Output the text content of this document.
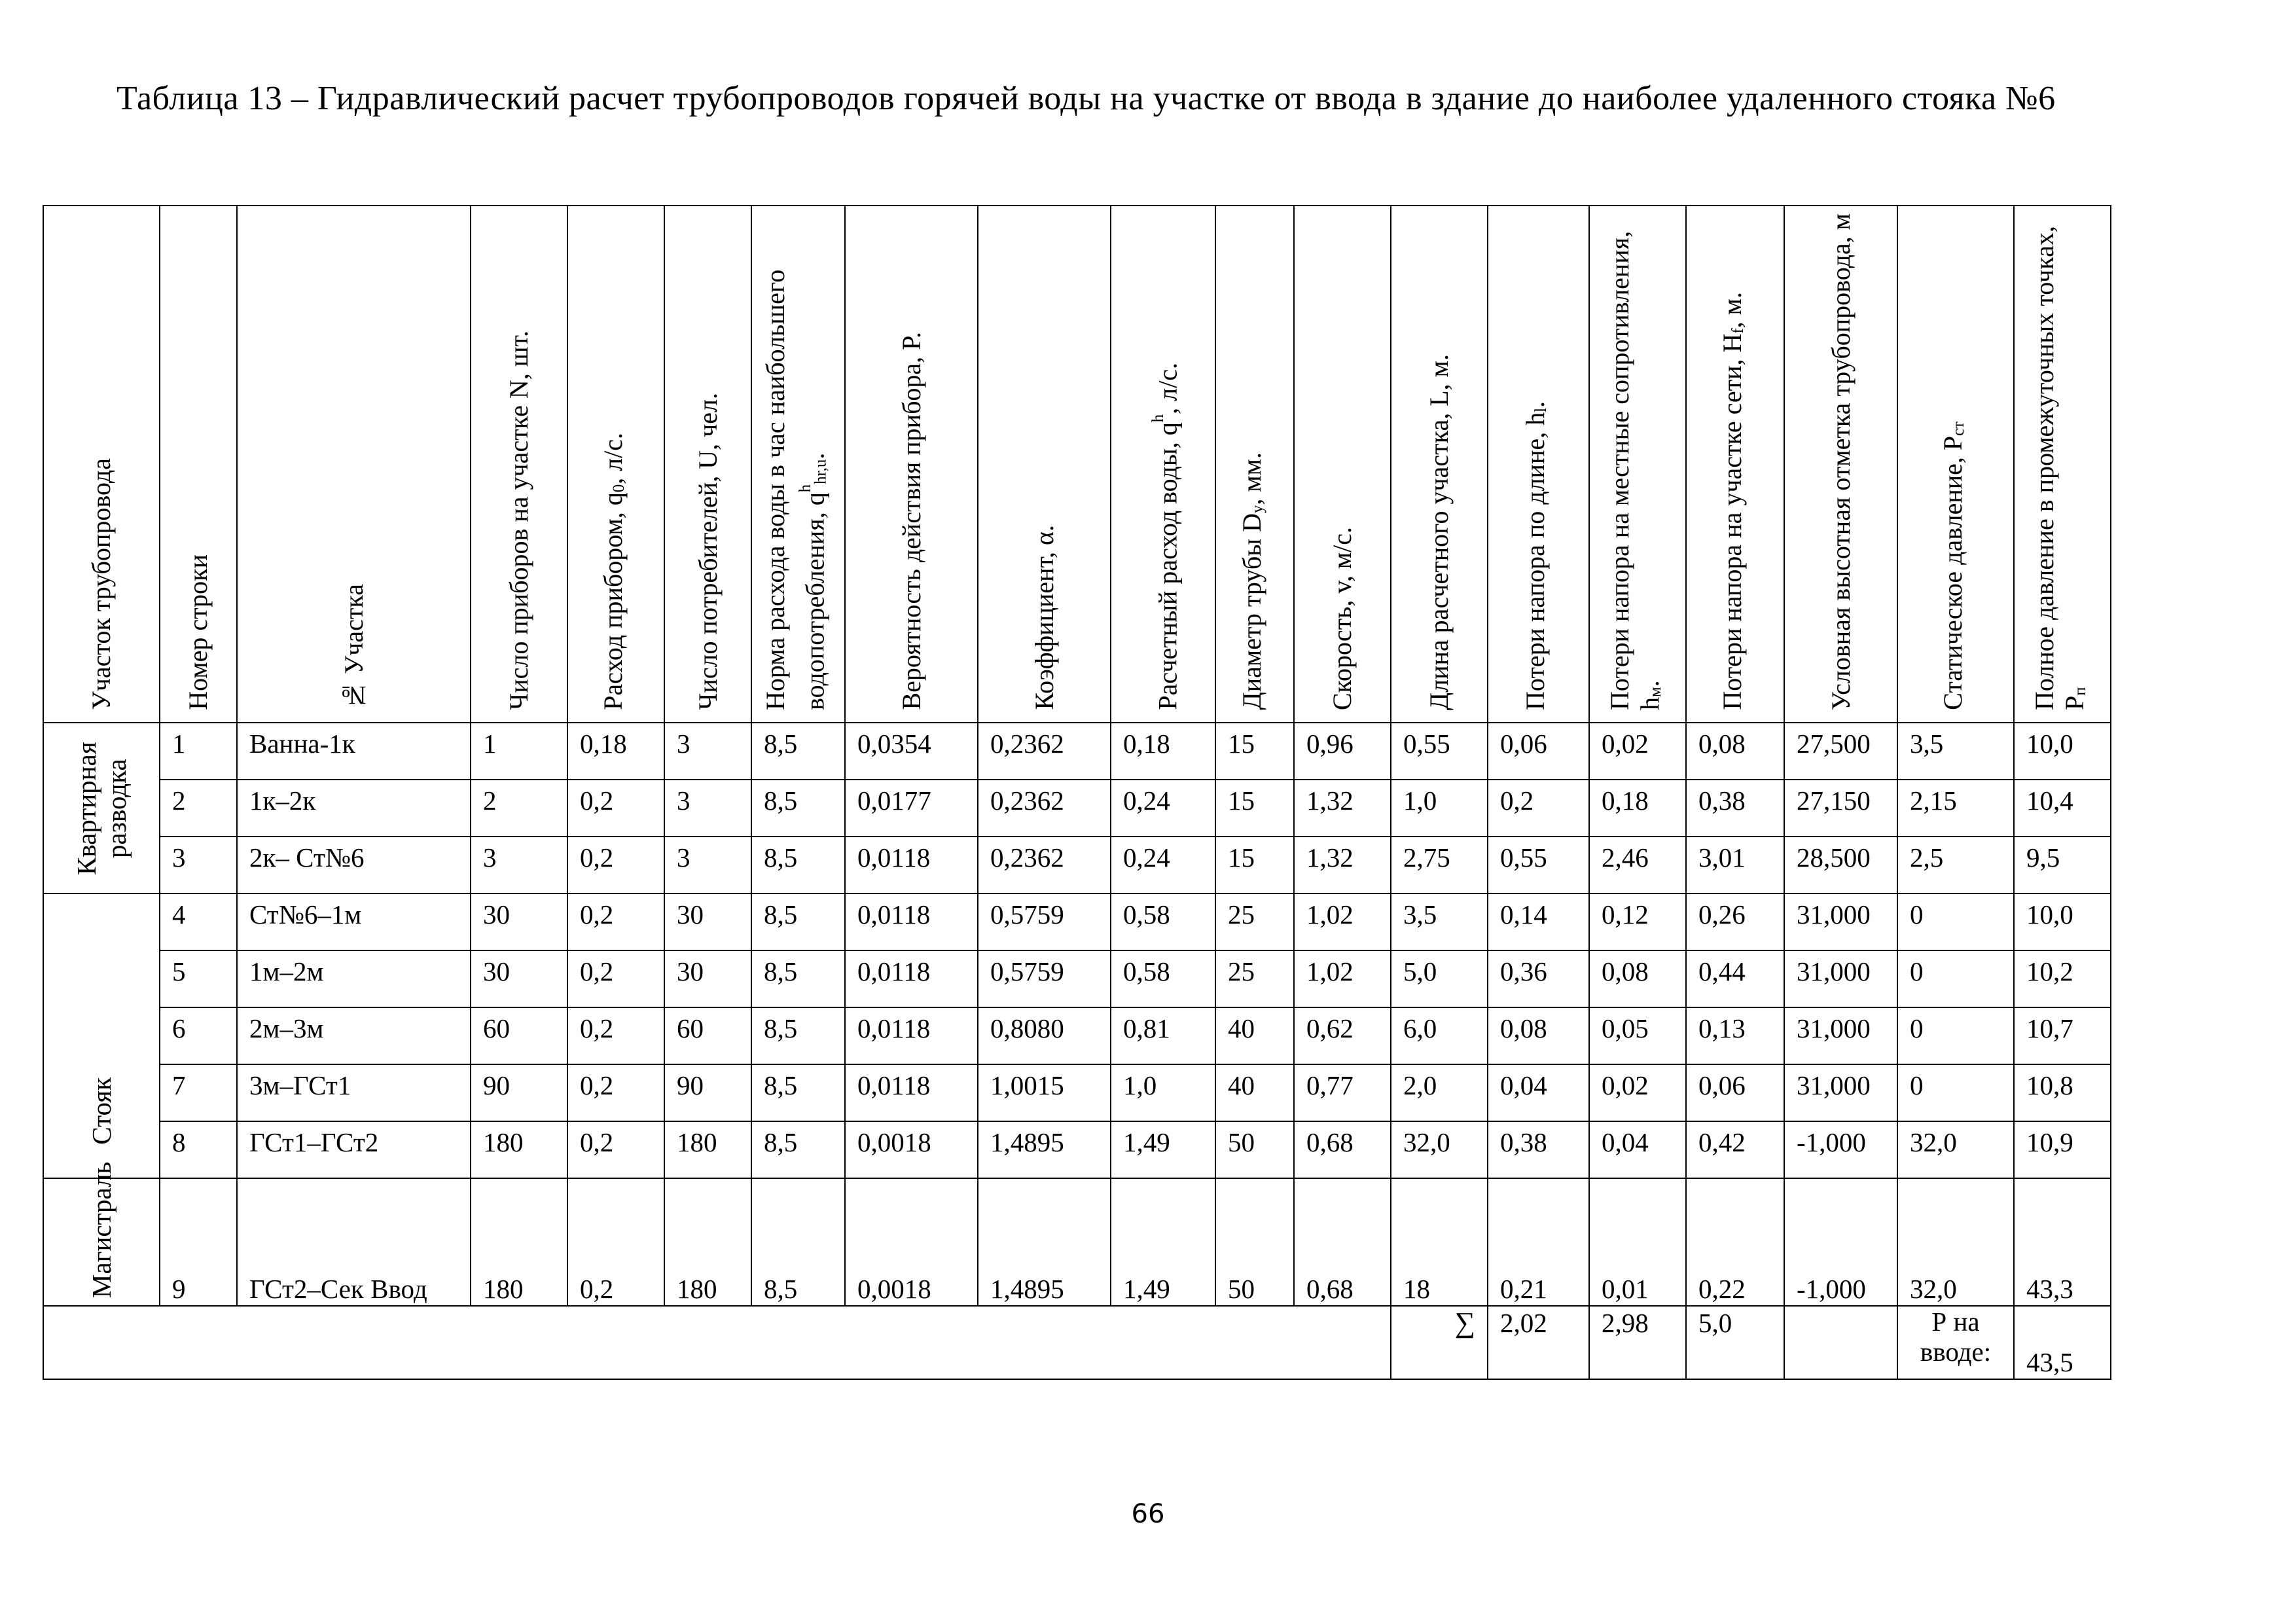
Таблица 13 – Гидравлический расчет трубопроводов горячей воды на участке от ввода в здание до наиболее удаленного стояка №6
Участок трубопровода	Номер строки	№ Участка	Число приборов на участке N, шт.	Расход прибором, $q_0$, л/с.	Число потребителей, U, чел.	Норма расхода воды в час наибольшего водопотребления, $q^h_{hr,u}$.	Вероятность действия прибора, P.	Коэффициент, α.	Расчетный расход воды, $q^h$, л/с.	Диаметр трубы $D_у$, мм.	Скорость, v, м/с.	Длина расчетного участка, L, м.	Потери напора по длине, $h_l$.	Потери напора на местные сопротивления, $h_м$.	Потери напора на участке сети, $H_f$, м.	Условная высотная отметка трубопровода, м	Статическое давление, $P_{ст}$	Полное давление в промежуточных точках, $P_п$

Квартирная разводка	1	Ванна-1к	1	0,18	3	8,5	0,0354	0,2362	0,18	15	0,96	0,55	0,06	0,02	0,08	27,500	3,5	10,0
	2	1к–2к	2	0,2	3	8,5	0,0177	0,2362	0,24	15	1,32	1,0	0,2	0,18	0,38	27,150	2,15	10,4
	3	2к– Ст№6	3	0,2	3	8,5	0,0118	0,2362	0,24	15	1,32	2,75	0,55	2,46	3,01	28,500	2,5	9,5

Стояк	4	Ст№6–1м	30	0,2	30	8,5	0,0118	0,5759	0,58	25	1,02	3,5	0,14	0,12	0,26	31,000	0	10,0
	5	1м–2м	30	0,2	30	8,5	0,0118	0,5759	0,58	25	1,02	5,0	0,36	0,08	0,44	31,000	0	10,2
	6	2м–3м	60	0,2	60	8,5	0,0118	0,8080	0,81	40	0,62	6,0	0,08	0,05	0,13	31,000	0	10,7
	7	3м–ГСт1	90	0,2	90	8,5	0,0118	1,0015	1,0	40	0,77	2,0	0,04	0,02	0,06	31,000	0	10,8
	8	ГСт1–ГСт2	180	0,2	180	8,5	0,0018	1,4895	1,49	50	0,68	32,0	0,38	0,04	0,42	-1,000	32,0	10,9

Магистраль	9	ГСт2–Сек Ввод	180	0,2	180	8,5	0,0018	1,4895	1,49	50	0,68	18	0,21	0,01	0,22	-1,000	32,0	43,3
												∑	2,02	2,98	5,0		Р на вводе:	43,5
66
